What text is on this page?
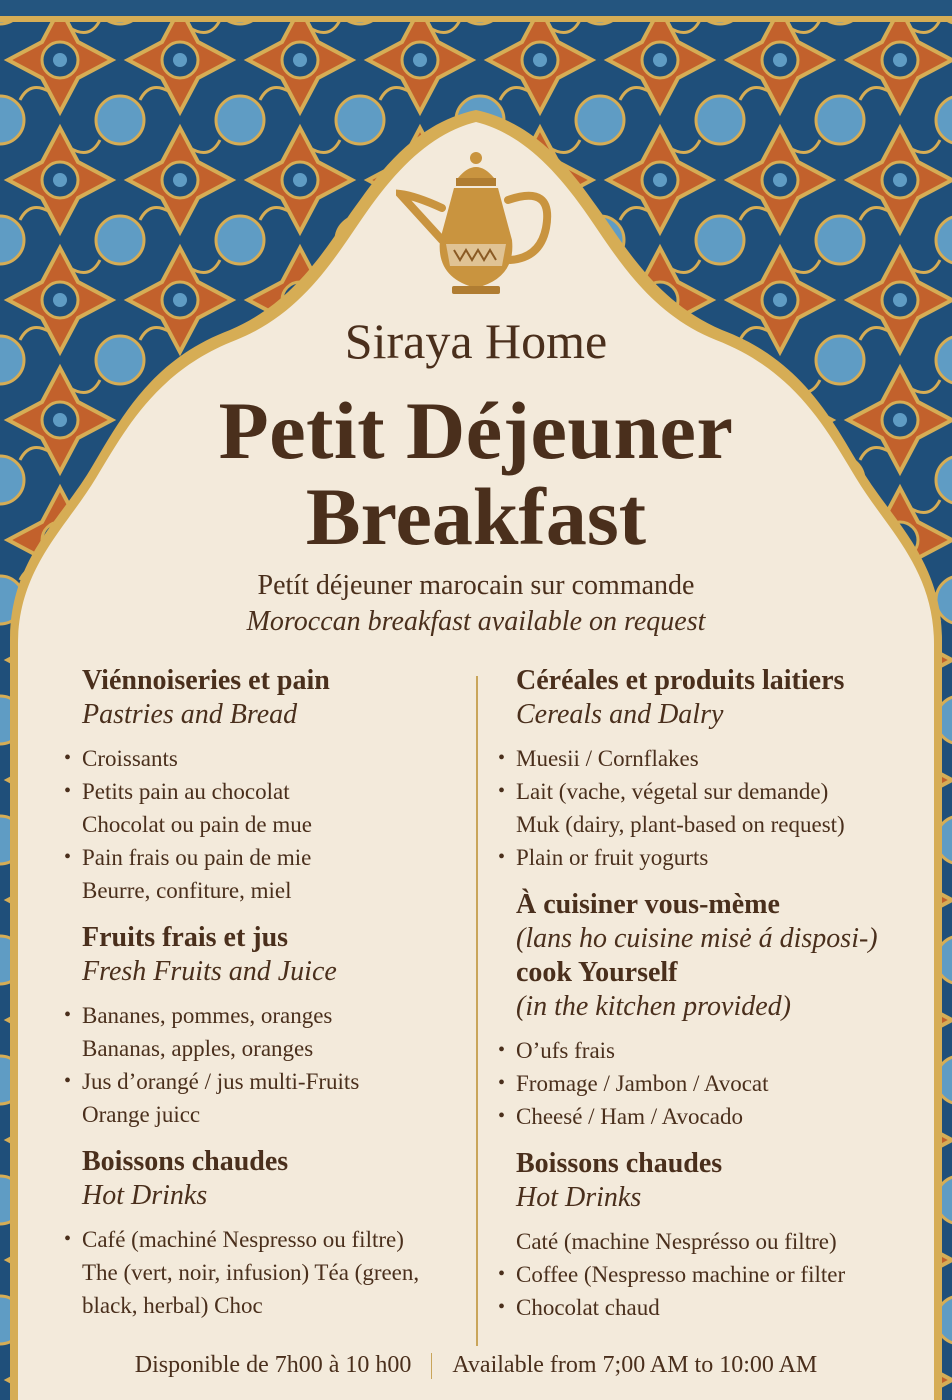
Siraya Home
Petit Déjeuner
Breakfast
Petít déjeuner marocain sur commande
Moroccan breakfast available on request
Viénnoiseries et pain
Pastries and Bread
• Croissants
• Petits pain au chocolat
Chocolat ou pain de mue
• Pain frais ou pain de mie
Beurre, confiture, miel
Fruits frais et jus
Fresh Fruits and Juice
• Bananes, pommes, oranges
Bananas, apples, oranges
• Jus d’orangé / jus multi-Fruits
Orange juicc
Boissons chaudes
Hot Drinks
• Café (machiné Nespresso ou filtre)
The (vert, noir, infusion) Téa (green,
black, herbal) Choc
Céréales et produits laitiers
Cereals and Dalry
• Muesii / Cornflakes
• Lait (vache, végetal sur demande)
Muk (dairy, plant-based on request)
• Plain or fruit yogurts
À cuisiner vous-mème
(lans ho cuisine misė á disposi-)
cook Yourself
(in the kitchen provided)
• O’ufs frais
• Fromage / Jambon / Avocat
• Cheesé / Ham / Avocado
Boissons chaudes
Hot Drinks
Caté (machine Nesprésso ou filtre)
• Coffee (Nespresso machine or filter
• Chocolat chaud
Disponible de 7h00 à 10 h00 Available from 7;00 AM to 10:00 AM
